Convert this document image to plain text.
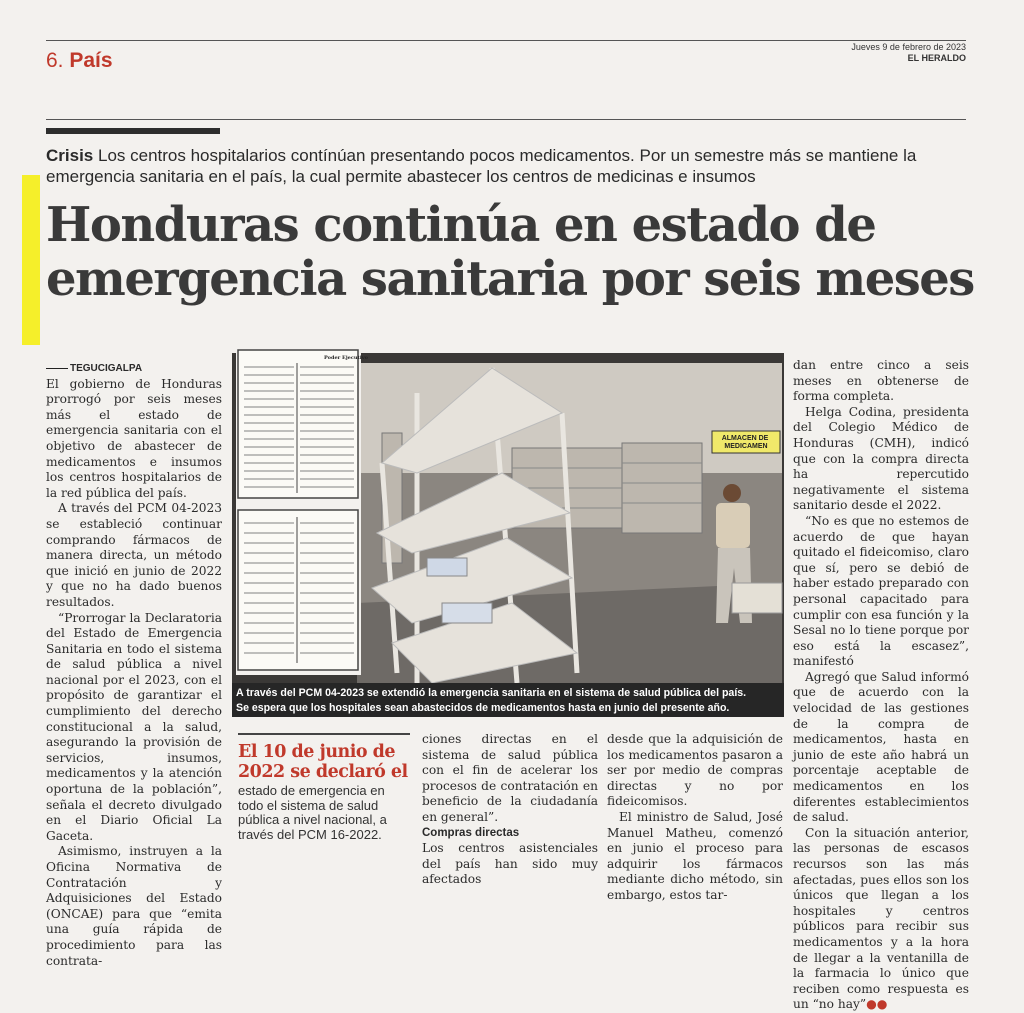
6. País
Jueves 9 de febrero de 2023
EL HERALDO
Crisis Los centros hospitalarios contínúan presentando pocos medicamentos. Por un semestre más se mantiene la emergencia sanitaria en el país, la cual permite abastecer los centros de medicinas e insumos
Honduras continúa en estado de
emergencia sanitaria por seis meses

TEGUCIGALPA

El gobierno de Honduras prorrogó por seis meses más el estado de emergencia sanitaria con el objetivo de abastecer de medicamentos e insumos los centros hospitalarios de la red pública del país.

A través del PCM 04-2023 se estableció continuar comprando fármacos de manera directa, un método que inició en junio de 2022 y que no ha dado buenos resultados.

“Prorrogar la Declaratoria del Estado de Emergencia Sanitaria en todo el sistema de salud pública a nivel nacional por el 2023, con el propósito de garantizar el cumplimiento del derecho constitucional a la salud, asegurando la provisión de servicios, insumos, medicamentos y la atención oportuna de la población”, señala el decreto divulgado en el Diario Oficial La Gaceta.

Asimismo, instruyen a la Oficina Normativa de Contratación y Adquisiciones del Estado (ONCAE) para que “emita una guía rápida de procedimiento para las contrata-

ALMACEN DE MEDICAMEN
Poder Ejecutivo
A través del PCM 04-2023 se extendió la emergencia sanitaria en el sistema de salud pública del país.
Se espera que los hospitales sean abastecidos de medicamentos hasta en junio del presente año.
El 10 de junio de 2022 se declaró el
estado de emergencia en todo el sistema de salud pública a nivel nacional, a través del PCM 16-2022.

ciones directas en el sistema de salud pública con el fin de acelerar los procesos de contratación en beneficio de la ciudadanía en general”.

Compras directas

Los centros asistenciales del país han sido muy afectados

desde que la adquisición de los medicamentos pasaron a ser por medio de compras directas y no por fideicomisos.

El ministro de Salud, José Manuel Matheu, comenzó en junio el proceso para adquirir los fármacos mediante dicho método, sin embargo, estos tar-

dan entre cinco a seis meses en obtenerse de forma completa.

Helga Codina, presidenta del Colegio Médico de Honduras (CMH), indicó que con la compra directa ha repercutido negativamente el sistema sanitario desde el 2022.

“No es que no estemos de acuerdo de que hayan quitado el fideicomiso, claro que sí, pero se debió de haber estado preparado con personal capacitado para cumplir con esa función y la Sesal no lo tiene porque por eso está la escasez”, manifestó

Agregó que Salud informó que de acuerdo con la velocidad de las gestiones de la compra de medicamentos, hasta en junio de este año habrá un porcentaje aceptable de medicamentos en los diferentes establecimientos de salud.

Con la situación anterior, las personas de escasos recursos son las más afectadas, pues ellos son los únicos que llegan a los hospitales y centros públicos para recibir sus medicamentos y a la hora de llegar a la ventanilla de la farmacia lo único que reciben como respuesta es un “no hay”●●
